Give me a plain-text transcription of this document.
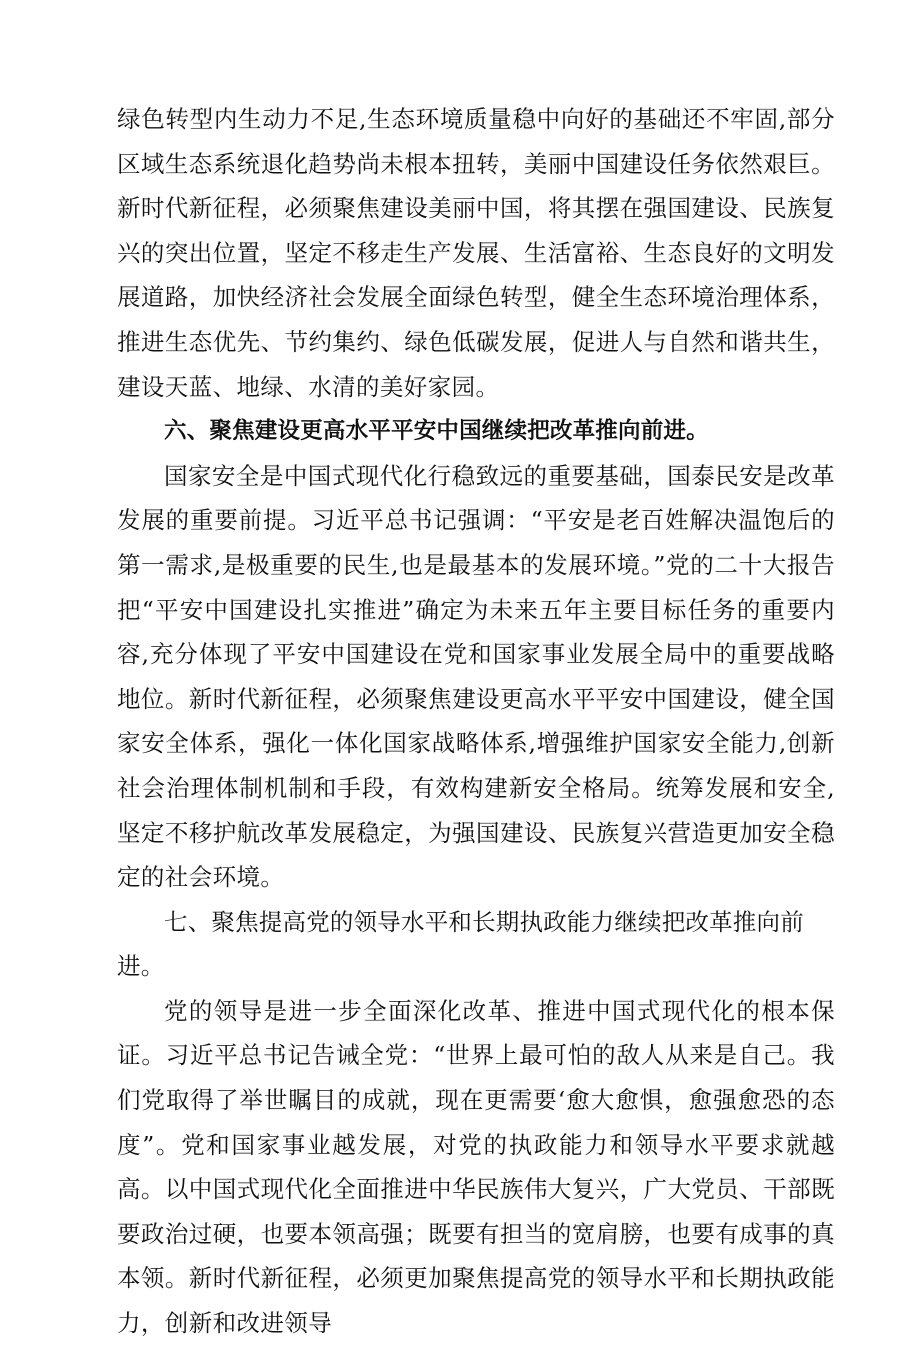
绿色转型内生动力不足,生态环境质量稳中向好的基础还不牢固,部分区域生态系统退化趋势尚未根本扭转，美丽中国建设任务依然艰巨。新时代新征程，必须聚焦建设美丽中国，将其摆在强国建设、民族复兴的突出位置，坚定不移走生产发展、生活富裕、生态良好的文明发展道路，加快经济社会发展全面绿色转型，健全生态环境治理体系，推进生态优先、节约集约、绿色低碳发展，促进人与自然和谐共生，建设天蓝、地绿、水清的美好家园。

六、聚焦建设更高水平平安中国继续把改革推向前进。

国家安全是中国式现代化行稳致远的重要基础，国泰民安是改革发展的重要前提。习近平总书记强调：“平安是老百姓解决温饱后的第一需求,是极重要的民生,也是最基本的发展环境。”党的二十大报告把“平安中国建设扎实推进”确定为未来五年主要目标任务的重要内容,充分体现了平安中国建设在党和国家事业发展全局中的重要战略地位。新时代新征程，必须聚焦建设更高水平平安中国建设，健全国家安全体系，强化一体化国家战略体系,增强维护国家安全能力,创新社会治理体制机制和手段，有效构建新安全格局。统筹发展和安全,坚定不移护航改革发展稳定，为强国建设、民族复兴营造更加安全稳定的社会环境。

七、聚焦提高党的领导水平和长期执政能力继续把改革推向前进。

党的领导是进一步全面深化改革、推进中国式现代化的根本保证。习近平总书记告诫全党：“世界上最可怕的敌人从来是自己。我们党取得了举世瞩目的成就，现在更需要‘愈大愈惧，愈强愈恐的态度”。党和国家事业越发展，对党的执政能力和领导水平要求就越高。以中国式现代化全面推进中华民族伟大复兴，广大党员、干部既要政治过硬，也要本领高强；既要有担当的宽肩膀，也要有成事的真本领。新时代新征程，必须更加聚焦提高党的领导水平和长期执政能力，创新和改进领导
